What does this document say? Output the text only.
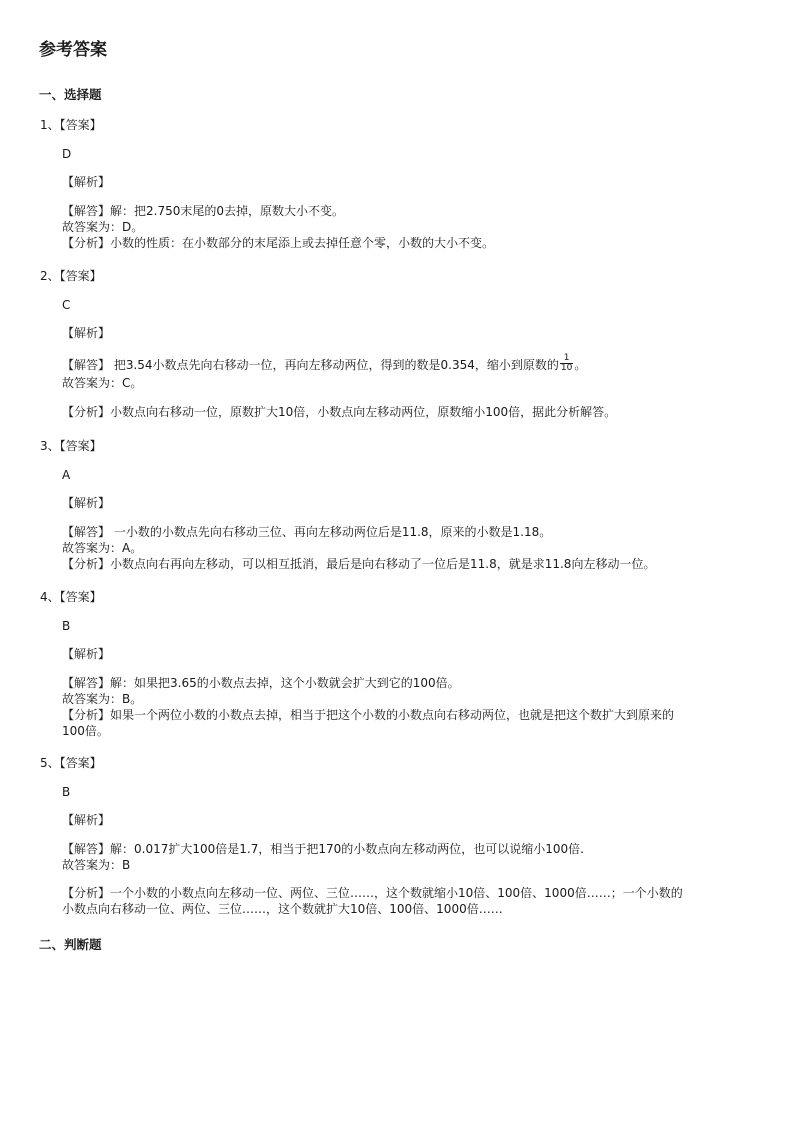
参考答案
一、选择题
1、【答案】
D
【解析】
【解答】解：把2.750末尾的0去掉，原数大小不变。
故答案为：D。
【分析】小数的性质：在小数部分的末尾添上或去掉任意个零，小数的大小不变。
2、【答案】
C
【解析】
【解答】 把3.54小数点先向右移动一位，再向左移动两位，得到的数是0.354，缩小到原数的 $\frac{1}{10}$ 。
故答案为：C。
【分析】小数点向右移动一位，原数扩大10倍，小数点向左移动两位，原数缩小100倍，据此分析解答。
3、【答案】
A
【解析】
【解答】 一小数的小数点先向右移动三位、再向左移动两位后是11.8，原来的小数是1.18。
故答案为：A。
【分析】小数点向右再向左移动，可以相互抵消，最后是向右移动了一位后是11.8，就是求11.8向左移动一位。
4、【答案】
B
【解析】
【解答】解：如果把3.65的小数点去掉，这个小数就会扩大到它的100倍。
故答案为：B。
【分析】如果一个两位小数的小数点去掉，相当于把这个小数的小数点向右移动两位，也就是把这个数扩大到原来的
100倍。
5、【答案】
B
【解析】
【解答】解：0.017扩大100倍是1.7，相当于把170的小数点向左移动两位，也可以说缩小100倍.
故答案为：B
【分析】一个小数的小数点向左移动一位、两位、三位……，这个数就缩小10倍、100倍、1000倍……；一个小数的
小数点向右移动一位、两位、三位……，这个数就扩大10倍、100倍、1000倍……
二、判断题
